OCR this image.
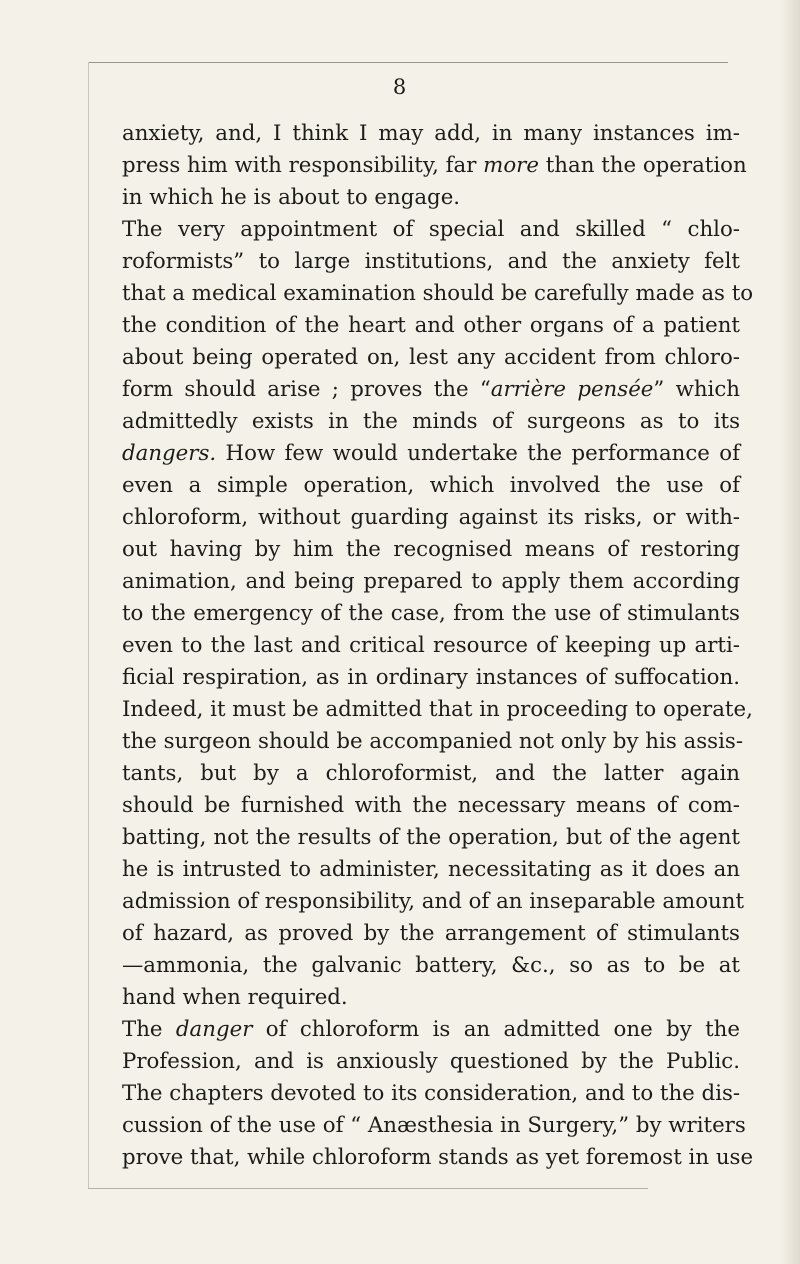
8
anxiety, and, I think I may add, in many instances im-
press him with responsibility, far more than the operation
in which he is about to engage.
The very appointment of special and skilled “ chlo-
roformists” to large institutions, and the anxiety felt
that a medical examination should be carefully made as to
the condition of the heart and other organs of a patient
about being operated on, lest any accident from chloro-
form should arise ; proves the “arrière pensée” which
admittedly exists in the minds of surgeons as to its
dangers. How few would undertake the performance of
even a simple operation, which involved the use of
chloroform, without guarding against its risks, or with-
out having by him the recognised means of restoring
animation, and being prepared to apply them according
to the emergency of the case, from the use of stimulants
even to the last and critical resource of keeping up arti-
ficial respiration, as in ordinary instances of suffocation.
Indeed, it must be admitted that in proceeding to operate,
the surgeon should be accompanied not only by his assis-
tants, but by a chloroformist, and the latter again
should be furnished with the necessary means of com-
batting, not the results of the operation, but of the agent
he is intrusted to administer, necessitating as it does an
admission of responsibility, and of an inseparable amount
of hazard, as proved by the arrangement of stimulants
—ammonia, the galvanic battery, &c., so as to be at
hand when required.
The danger of chloroform is an admitted one by the
Profession, and is anxiously questioned by the Public.
The chapters devoted to its consideration, and to the dis-
cussion of the use of “ Anæsthesia in Surgery,” by writers
prove that, while chloroform stands as yet foremost in use
